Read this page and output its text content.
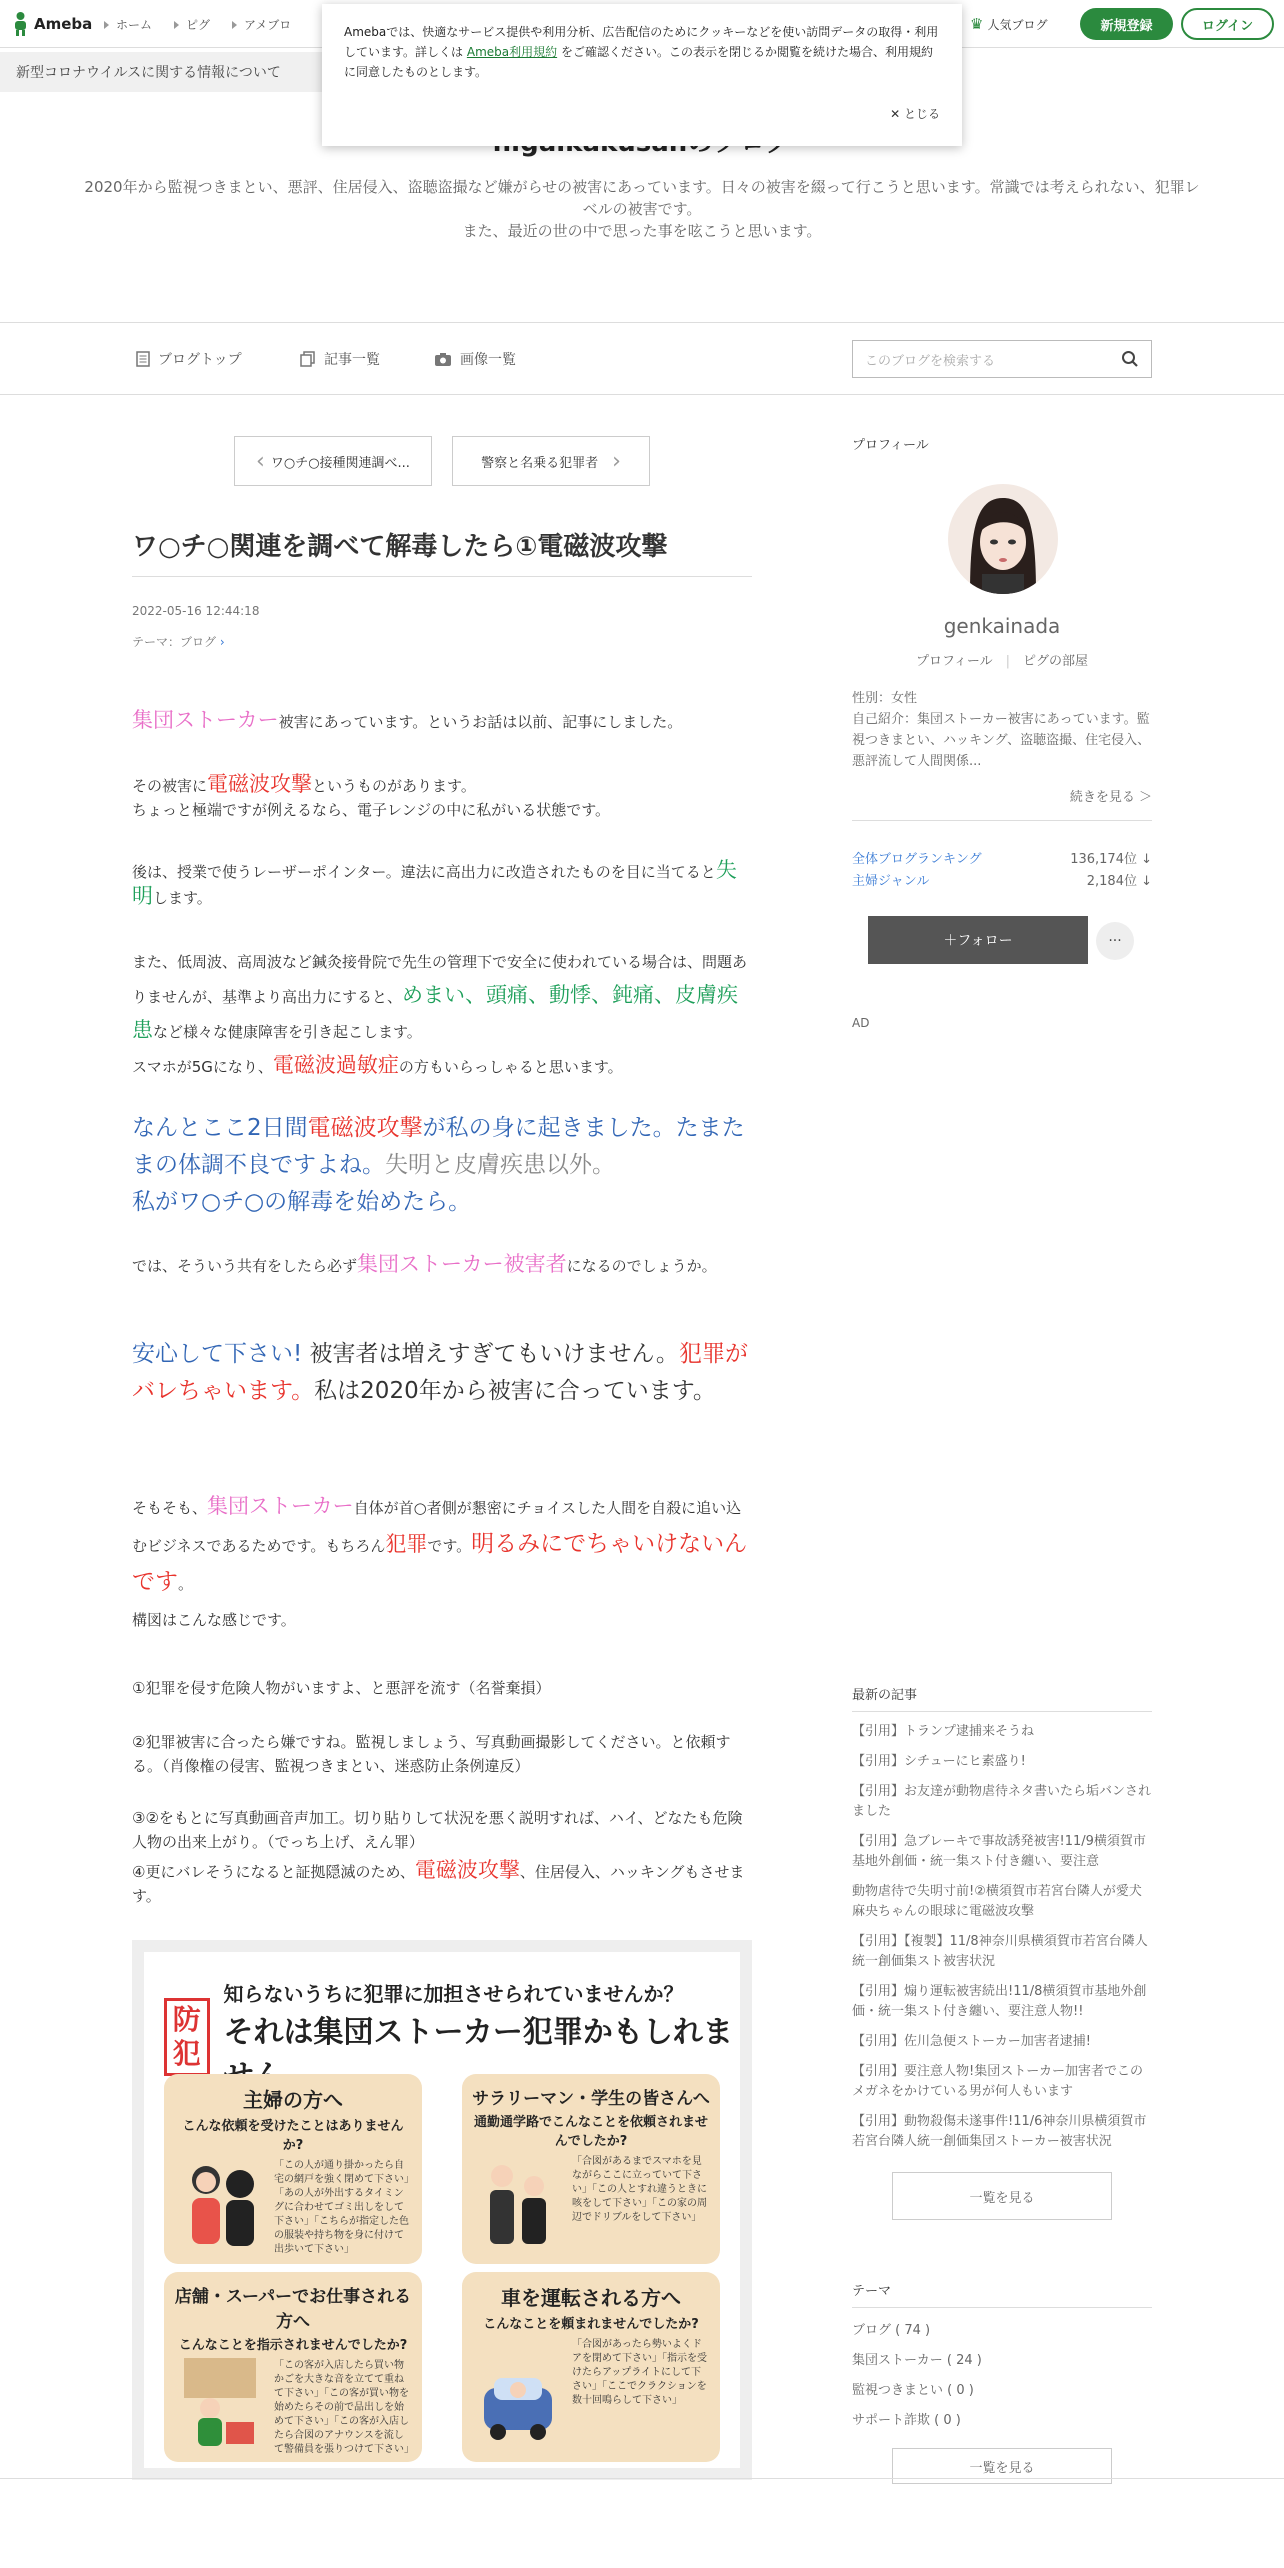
Ameba	ホーム	ピグ	アメブロ	♛ 人気ブログ	新規登録	ログイン
新型コロナウイルスに関する情報について
Amebaでは、快適なサービス提供や利用分析、広告配信のためにクッキーなどを使い訪問データの取得・利用しています。詳しくは Ameba利用規約 をご確認ください。この表示を閉じるか閲覧を続けた場合、利用規約に同意したものとします。
✕ とじる
2020年から監視つきまとい、悪評、住居侵入、盗聴盗撮など嫌がらせの被害にあっています。日々の被害を綴って行こうと思います。常識では考えられない、犯罪レベルの被害です。
また、最近の世の中で思った事を呟こうと思います。
ブログトップ	記事一覧	画像一覧	このブログを検索する
‹ ワ○チ○接種関連調べ...	警察と名乗る犯罪者 ›
ワ○チ○関連を調べて解毒したら①電磁波攻撃
2022-05-16 12:44:18
テーマ：ブログ ›
集団ストーカー被害にあっています。というお話は以前、記事にしました。
その被害に電磁波攻撃というものがあります。
ちょっと極端ですが例えるなら、電子レンジの中に私がいる状態です。
後は、授業で使うレーザーポインター。違法に高出力に改造されたものを目に当てると失明します。
また、低周波、高周波など鍼灸接骨院で先生の管理下で安全に使われている場合は、問題ありませんが、基準より高出力にすると、めまい、頭痛、動悸、鈍痛、皮膚疾患など様々な健康障害を引き起こします。
スマホが5Gになり、電磁波過敏症の方もいらっしゃると思います。
なんとここ2日間電磁波攻撃が私の身に起きました。たまたまの体調不良ですよね。失明と皮膚疾患以外。
私がワ○チ○の解毒を始めたら。
では、そういう共有をしたら必ず集団ストーカー被害者になるのでしょうか。
安心して下さい! 被害者は増えすぎてもいけません。犯罪がバレちゃいます。私は2020年から被害に合っています。
そもそも、集団ストーカー自体が首○者側が懇密にチョイスした人間を自殺に追い込むビジネスであるためです。もちろん犯罪です。明るみにでちゃいけないんです。
構図はこんな感じです。
①犯罪を侵す危険人物がいますよ、と悪評を流す（名誉棄損）
②犯罪被害に合ったら嫌ですね。監視しましょう、写真動画撮影してください。と依頼する。（肖像権の侵害、監視つきまとい、迷惑防止条例違反）
③②をもとに写真動画音声加工。切り貼りして状況を悪く説明すれば、ハイ、どなたも危険人物の出来上がり。（でっち上げ、えん罪）
④更にバレそうになると証拠隠滅のため、電磁波攻撃、住居侵入、ハッキングもさせます。
防
犯
知らないうちに犯罪に加担させられていませんか？
それは集団ストーカー犯罪かもしれま
主婦の方へ
こんな依頼を受けたことはありませんか?
「この人が通り掛かったら自宅の網戸を強く閉めて下さい」「あの人が外出するタイミングに合わせてゴミ出しをして下さい」「こちらが指定した色の服装や持ち物を身に付けて出歩いて下さい」
サラリーマン・学生の皆さんへ
通勤通学路でこんなことを依頼されませんでしたか?
「合図があるまでスマホを見ながらここに立っていて下さい」「この人とすれ違うときに咳をして下さい」「この家の周辺でドリブルをして下さい」
店舗・スーパーでお仕事される方へ
こんなことを指示されませんでしたか?
「この客が入店したら買い物かごを大きな音を立てて重ねて下さい」「この客が買い物を始めたらその前で品出しを始めて下さい」「この客が入店したら合図のアナウンスを流して警備員を張りつけて下さい」
車を運転される方へ
こんなことを頼まれませんでしたか?
「合図があったら勢いよくドアを閉めて下さい」「指示を受けたらアップライトにして下さい」「ここでクラクションを数十回鳴らして下さい」
プロフィール
genkainada
プロフィール　|　ピグの部屋
性別：女性
自己紹介：集団ストーカー被害にあっています。監視つきまとい、ハッキング、盗聴盗撮、住宅侵入、悪評流して人間関係...
続きを見る ＞
全体ブログランキング	136,174位 ↓
主婦ジャンル	2,184位 ↓
＋フォロー	···
AD
最新の記事
【引用】トランプ逮捕来そうね
【引用】シチューにヒ素盛り!
【引用】お友達が動物虐待ネタ書いたら垢バンされました
【引用】急ブレーキで事故誘発被害!11/9横須賀市基地外創価・統一集スト付き纏い、要注意
動物虐待で失明寸前!②横須賀市若宮台隣人が愛犬麻央ちゃんの眼球に電磁波攻撃
【引用】【複製】11/8神奈川県横須賀市若宮台隣人統一創価集スト被害状況
【引用】煽り運転被害続出!11/8横須賀市基地外創価・統一集スト付き纏い、要注意人物!!
【引用】佐川急便ストーカー加害者逮捕!
【引用】要注意人物!集団ストーカー加害者でこのメガネをかけている男が何人もいます
【引用】動物殺傷未遂事件!11/6神奈川県横須賀市若宮台隣人統一創価集団ストーカー被害状況
一覧を見る
テーマ
ブログ ( 74 )
集団ストーカー ( 24 )
監視つきまとい ( 0 )
サポート詐欺 ( 0 )
一覧を見る
